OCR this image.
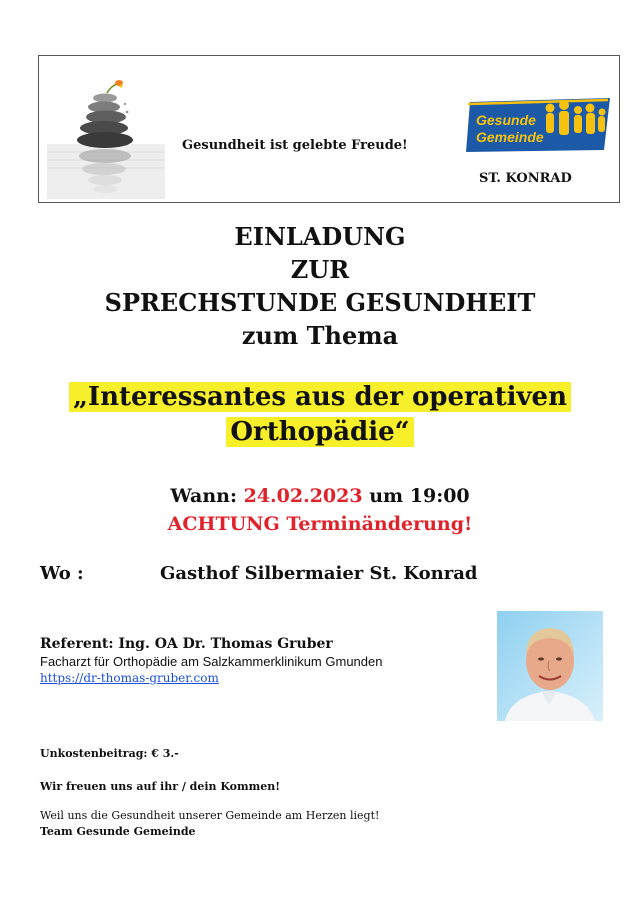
Gesundheit ist gelebte Freude!
Gesunde
Gemeinde
ST. KONRAD
EINLADUNG
ZUR
SPRECHSTUNDE GESUNDHEIT
zum Thema
„Interessantes aus der operativen
Orthopädie“
Wann: 24.02.2023 um 19:00
ACHTUNG Terminänderung!
Wo :	Gasthof Silbermaier St. Konrad
Referent: Ing. OA Dr. Thomas Gruber
Facharzt für Orthopädie am Salzkammerklinikum Gmunden
https://dr-thomas-gruber.com
Unkostenbeitrag: € 3.-
Wir freuen uns auf ihr / dein Kommen!
Weil uns die Gesundheit unserer Gemeinde am Herzen liegt!
Team Gesunde Gemeinde
